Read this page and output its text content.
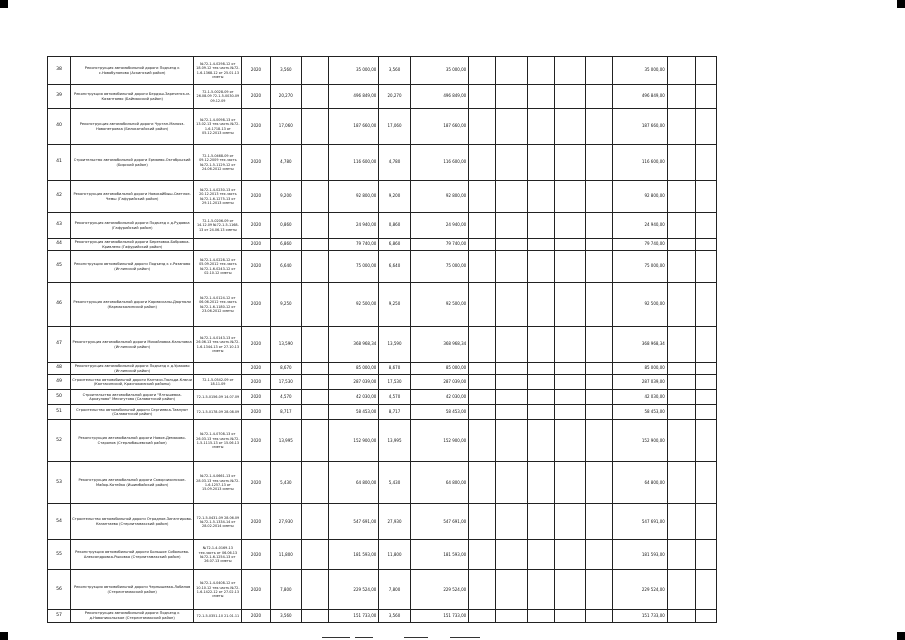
38	Реконструкция автомобильной дороги Подъезд к с.Новобуланово (Аскинский район)	№72-1-4-0298-12 от 18.09.12 тех.часть №72-1-6-1368-12 от 25.01.13 сметы	2020	3,560		35 000,00	3,560	35 000,00						35 000,00		
39	Реконструкция автомобильной дороги Бердяш-Зареченск-м-Казантаево (Баймакский район)	72-1-5-0028-09 от 26.08.09 72-1-5-0030-09 09.12.09	2020	20,270		496 849,00	20,270	496 849,00						496 849,00		
40	Реконструкция автомобильной дороги Чуртан-Малояз-Новопетровка (Белокатайский район)	№72-1-4-0098-13 от 13.02.13 тех.часть №72-1-6-1718-13 от 05.12.2013 сметы	2020	17,060		187 660,00	17,060	187 660,00						187 660,00		
41	Строительство автомобильной дороги Ермаево-Октябрьский (Бирский район)	72-1-5-0468-09 от 09.12.2009 тех.часть №72-1-5-1129-12 от 24.06.2012 сметы	2020	4,780		116 600,00	4,780	116 600,00						116 600,00		
42	Реконструкция автомобильной дороги Новокайбыш-Светлое-Чемш (Гафурийский район)	№72-1-4-0230-13 от 20.12.2013 тех.часть №72-1-6-1275-13 от 29.11.2013 сметы	2020	9,200		92 800,00	9,200	92 800,00						92 800,00		
43	Реконструкция автомобильной дороги Подъезд к д.Рудовка (Гафурийский район)	72-1-5-0206-09 от 14.12.09 №72-1-5-1168-13 от 24.06.13 сметы	2020	0,860		24 940,00	0,860	24 940,00						24 940,00		
44	Реконструкция автомобильной дороги Березовка-Бобровка-Кривлено (Гафурийский район)		2020	6,860		79 740,00	6,860	79 740,00						79 740,00		
45	Реконструкция автомобильной дороги Подъезд к с.Рязаново (Иглинский район)	№72-1-4-0228-12 от 05.09.2012 тех.часть №72-1-6-0243-12 от 02.10.12 сметы	2020	6,640		75 000,00	6,640	75 000,00						75 000,00		
46	Реконструкция автомобильной дороги Кармаскалы-Дюртюли (Кармаскалинский район)	№72-1-4-0124-12 от 06.06.2012 тех.часть №72-1-6-1180-12 от 23.06.2012 сметы	2020	9,250		92 500,00	9,250	92 500,00						92 500,00		
47	Реконструкция автомобильной дороги Михайловка-Кальтовка (Иглинский район)	№72-1-4-0143-13 от 26.06.13 тех.часть №72-1-6-1344-13 от 27.10.13 сметы	2020	13,590		368 968,34	13,590	368 968,34						368 968,34		
48	Реконструкция автомобильной дороги Подъезд к д.Ураково (Иглинский район)		2020	8,670		85 000,00	8,670	85 000,00						85 000,00		
49	Строительство автомобильной дороги Калтаси-Тюльди-Ключи (Калтасинский, Краснокамский районы)	72-1-5-0542-09 от 18.11.09	2020	17,530		287 039,00	17,530	287 039,00						287 039,00		
50	Строительство автомобильной дороги "Ялгышевка-Аркаулово" Месягутово (Салаватский район)	72-1-5-0156-09 14.07.09	2020	4,570		42 030,00	4,570	42 030,00						42 030,00		
51	Строительство автомобильной дороги Сергиевка-Тавлуют (Салаватский район)	72-1-5-0178-09 28.08.09	2020	8,717		58 453,00	8,717	58 453,00						58 453,00		
52	Реконструкция автомобильной дороги Новое-Демаково-Старонов (Стерлибашевский район)	№72-1-4-0708-13 от 26.03.13 тех.часть №72-1-5-1115-13 от 15.06.13 сметы	2020	13,995		152 900,00	13,995	152 900,00						152 900,00		
53	Реконструкция автомобильной дороги Скворчихинское-Майор-Котейко (Ишимбайский район)	№72-1-4-0661-13 от 28.03.13 тех.часть №72-1-6-1257-13 от 15.09.2013 сметы	2020	5,430		64 800,00	5,430	64 800,00						64 800,00		
54	Строительство автомобильной дороги Отрадное-Зигангирово-Казантаево (Стерлитамакский район)	72-1-5-0431-09 28.06.09 №72-1-5-1334-14 от 28.02.2014 сметы	2020	27,930		547 691,00	27,930	547 691,00						547 691,00		
55	Реконструкция автомобильной дороги Большое Собольево-Александровка-Рыковка (Стерлитамакский район)	№72-1-4-0169-13 тех.часть от 06.06.13 №72-1-6-1254-13 от 26.07.13 сметы	2020	11,800		181 593,00	11,800	181 593,00						181 593,00		
56	Реконструкция автомобильной дороги Чернышевка-Лобанов (Стерлитамакский район)	№72-1-4-0408-12 от 10.10.12 тех.часть №72-1-6-1422-12 от 27.02.13 сметы	2020	7,800		229 524,00	7,800	229 524,00						229 524,00		
57	Реконструкция автомобильной дороги Подъезд к д.Новоникольское (Стерлитамакский район)	72-1-5-0351-10 21.01.11	2020	3,560		151 733,00	3,560	151 733,00						151 733,00		
